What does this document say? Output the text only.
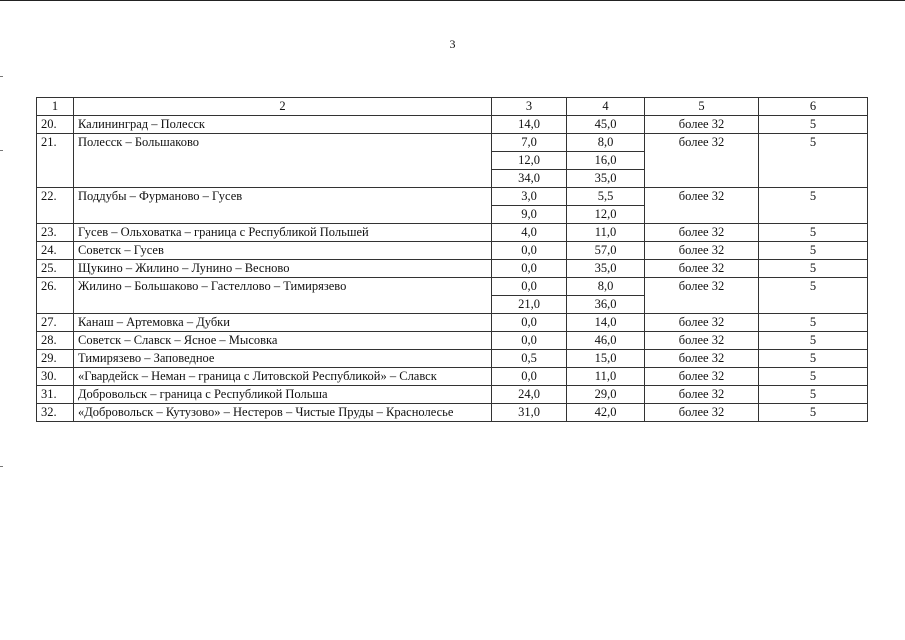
3
1	2	3	4	5	6
20.	Калининград – Полесск	14,0	45,0	более 32	5
21.	Полесск – Большаково	7,0	8,0	более 32	5
		12,0	16,0		
		34,0	35,0		
22.	Поддубы – Фурманово – Гусев	3,0	5,5	более 32	5
		9,0	12,0		
23.	Гусев – Ольховатка – граница с Республикой Польшей	4,0	11,0	более 32	5
24.	Советск – Гусев	0,0	57,0	более 32	5
25.	Щукино – Жилино – Лунино – Весново	0,0	35,0	более 32	5
26.	Жилино – Большаково – Гастеллово – Тимирязево	0,0	8,0	более 32	5
		21,0	36,0		
27.	Канаш – Артемовка – Дубки	0,0	14,0	более 32	5
28.	Советск – Славск – Ясное – Мысовка	0,0	46,0	более 32	5
29.	Тимирязево – Заповедное	0,5	15,0	более 32	5
30.	«Гвардейск – Неман – граница с Литовской Республикой» – Славск	0,0	11,0	более 32	5
31.	Добровольск – граница с Республикой Польша	24,0	29,0	более 32	5
32.	«Добровольск – Кутузово» – Нестеров – Чистые Пруды – Краснолесье	31,0	42,0	более 32	5
